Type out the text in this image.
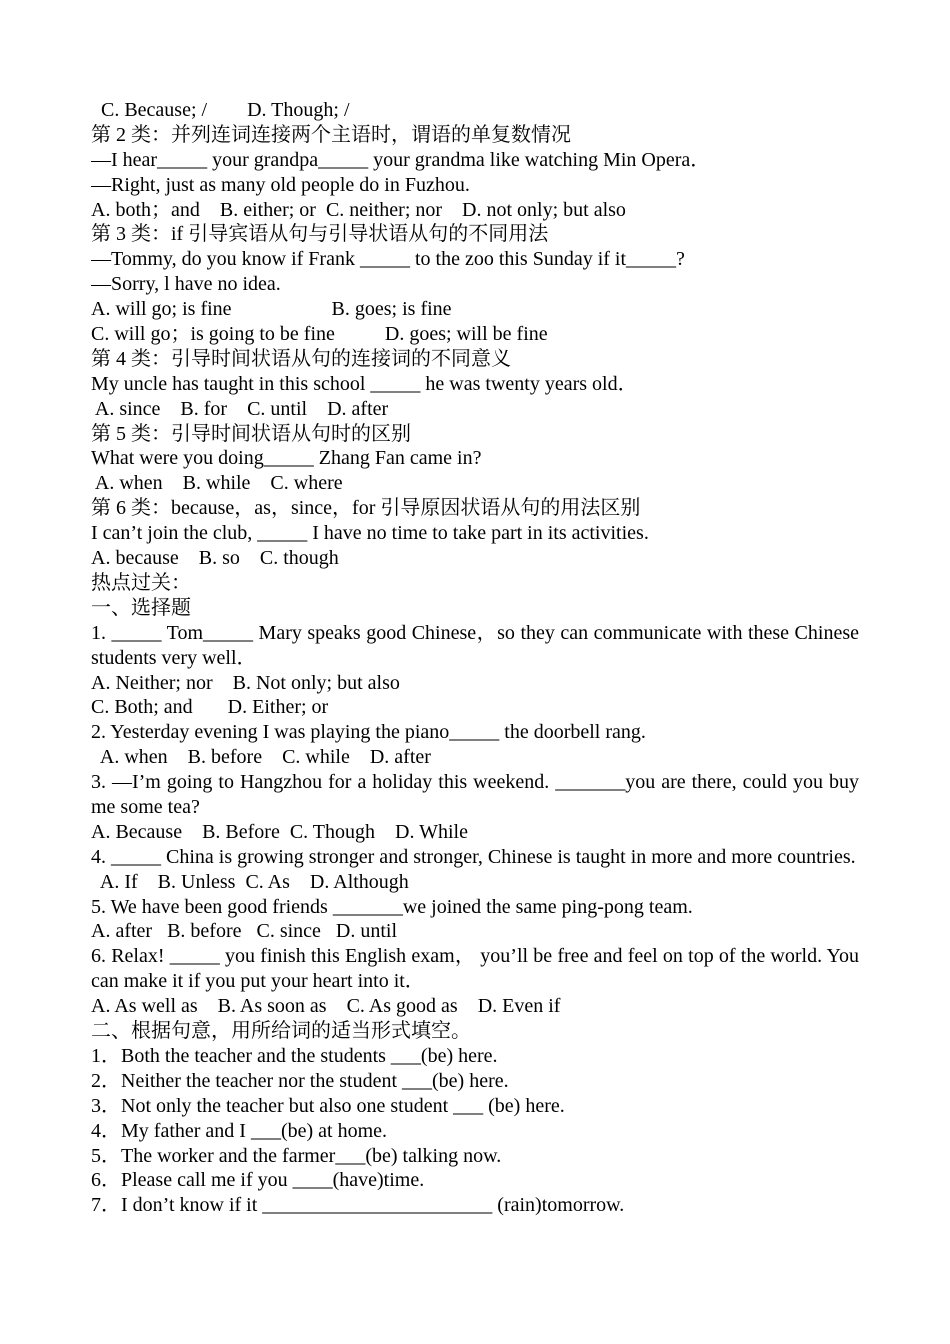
C. Because; /        D. Though; /
第 2 类：并列连词连接两个主语时，谓语的单复数情况
—I hear_____ your grandpa_____ your grandma like watching Min Opera．
—Right, just as many old people do in Fuzhou.
A. both；and    B. either; or  C. neither; nor    D. not only; but also
第 3 类：if 引导宾语从句与引导状语从句的不同用法
—Tommy, do you know if Frank _____ to the zoo this Sunday if it_____?
—Sorry, l have no idea.
A. will go; is fine                    B. goes; is fine
C. will go；is going to be fine          D. goes; will be fine
第 4 类：引导时间状语从句的连接词的不同意义
My uncle has taught in this school _____ he was twenty years old．
A. since    B. for    C. until    D. after
第 5 类：引导时间状语从句时的区别
What were you doing_____ Zhang Fan came in?
A. when    B. while    C. where
第 6 类：because，as，since，for 引导原因状语从句的用法区别
I can’t join the club, _____ I have no time to take part in its activities.
A. because    B. so    C. though
热点过关：
一、选择题
1. _____ Tom_____ Mary speaks good Chinese，so they can communicate with these Chinese students very well．
A. Neither; nor    B. Not only; but also
C. Both; and       D. Either; or
2. Yesterday evening I was playing the piano_____ the doorbell rang.
A. when    B. before    C. while    D. after
3. —I’m going to Hangzhou for a holiday this weekend. _______you are there, could you buy me some tea?
A. Because    B. Before  C. Though    D. While
4. _____ China is growing stronger and stronger, Chinese is taught in more and more countries.
A. If    B. Unless  C. As    D. Although
5. We have been good friends _______we joined the same ping-pong team.
A. after   B. before   C. since   D. until
6. Relax! _____ you finish this English exam， you’ll be free and feel on top of the world. You can make it if you put your heart into it．
A. As well as    B. As soon as    C. As good as    D. Even if
二、根据句意，用所给词的适当形式填空。
1．Both the teacher and the students ___(be) here.
2．Neither the teacher nor the student ___(be) here.
3．Not only the teacher but also one student ___ (be) here.
4．My father and I ___(be) at home.
5．The worker and the farmer___(be) talking now.
6．Please call me if you ____(have)time.
7．I don’t know if it _______________________ (rain)tomorrow.
